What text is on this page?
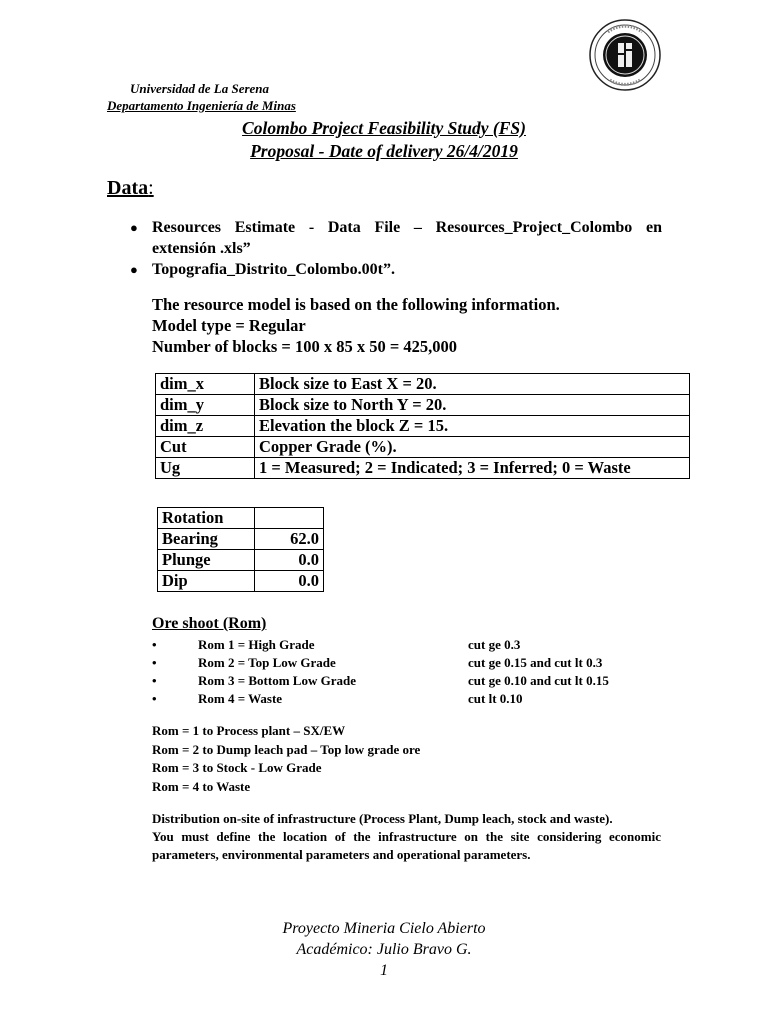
Universidad de La Serena
Departamento Ingeniería de Minas
Colombo Project Feasibility Study (FS)
Proposal - Date of delivery 26/4/2019
Data:
● Resources Estimate - Data File – Resources_Project_Colombo en extensión .xls”
● Topografia_Distrito_Colombo.00t”.
The resource model is based on the following information.
Model type = Regular
Number of blocks = 100 x 85 x 50 = 425,000
dim_x	Block size to East X = 20.
dim_y	Block size to North Y = 20.
dim_z	Elevation the block Z = 15.
Cut	Copper Grade (%).
Ug	1 = Measured; 2 = Indicated; 3 = Inferred; 0 = Waste
Rotation	
Bearing	62.0
Plunge	0.0
Dip	0.0
Ore shoot (Rom)
•	Rom 1 = High Grade	cut ge 0.3
•	Rom 2 = Top Low Grade	cut ge 0.15 and cut lt 0.3
•	Rom 3 = Bottom Low Grade	cut ge 0.10 and cut lt 0.15
•	Rom 4 = Waste	cut lt 0.10
Rom = 1 to Process plant – SX/EW
Rom = 2 to Dump leach pad – Top low grade ore
Rom = 3 to Stock - Low Grade
Rom = 4 to Waste
Distribution on-site of infrastructure (Process Plant, Dump leach, stock and waste).
You must define the location of the infrastructure on the site considering economic parameters, environmental parameters and operational parameters.
Proyecto Mineria Cielo Abierto
Académico: Julio Bravo G.
1
